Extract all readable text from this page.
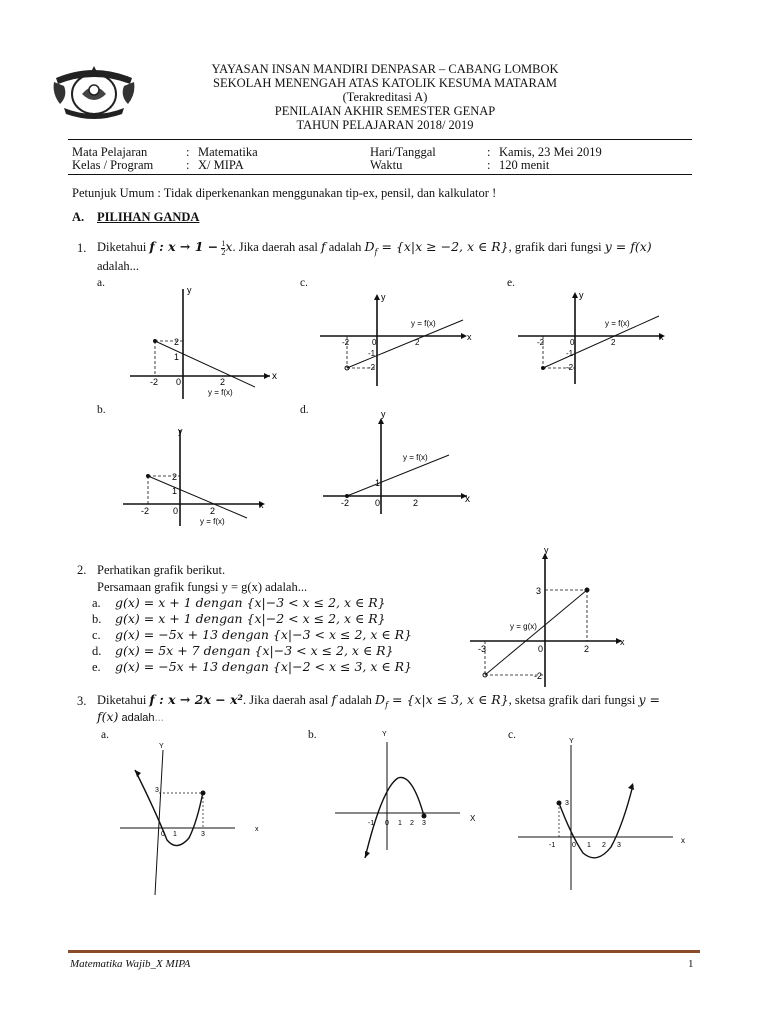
YAYASAN INSAN MANDIRI DENPASAR – CABANG LOMBOK
SEKOLAH MENENGAH ATAS KATOLIK KESUMA MATARAM
(Terakreditasi A)
PENILAIAN AKHIR SEMESTER GENAP
TAHUN PELAJARAN 2018/ 2019
Mata Pelajaran	: Matematika	Hari/Tanggal	: Kamis, 23 Mei 2019
Kelas / Program	: X/ MIPA	Waktu	: 120 menit
Petunjuk Umum : Tidak diperkenankan menggunakan tip-ex, pensil, dan kalkulator !
A. PILIHAN GANDA
1. Diketahui f : $x \to 1 - \frac{1}{2} x$. Jika daerah asal f adalah $D_f = \{x|x \ge -2$, x ∈ R}, grafik dari fungsi y = f(x)
adalah...
a.	c.	e.
b.	d.
y
x
2
1
-2 0	2
y = f(x)
y
x
-2	0	2
-1
-2
y = f(x)
y
x
-2	0	2
-1
-2
y = f(x)
y
x
2
1
-2	0	2
y = f(x)
y
x
1
-2	0	2
y = f(x)
2. Perhatikan grafik berikut.
Persamaan grafik fungsi y = g(x) adalah...
a. g(x) = x + 1 dengan {x|−3 < x ≤ 2, x ∈ R}
b. g(x) = x + 1 dengan {x|−2 < x ≤ 2, x ∈ R}
c. g(x) = −5x + 13 dengan {x|−3 < x ≤ 2, x ∈ R}
d. g(x) = 5x + 7 dengan {x|−3 < x ≤ 2, x ∈ R}
e. g(x) = −5x + 13 dengan {x|−2 < x ≤ 3, x ∈ R}
y
x
3
-3	0	2
-2
y = g(x)
3. Diketahui f : x → 2x − x². Jika daerah asal f adalah $D_f = \{x|x \le 3$, x ∈ R}, sketsa grafik dari fungsi y =
f(x) adalah...
a.	b.	c.
Y
x
3
0 1	3
Y
X
-1 0 1 2 3
Y
x
3
-1 0 1 2 3
Matematika Wajib_X MIPA	1
